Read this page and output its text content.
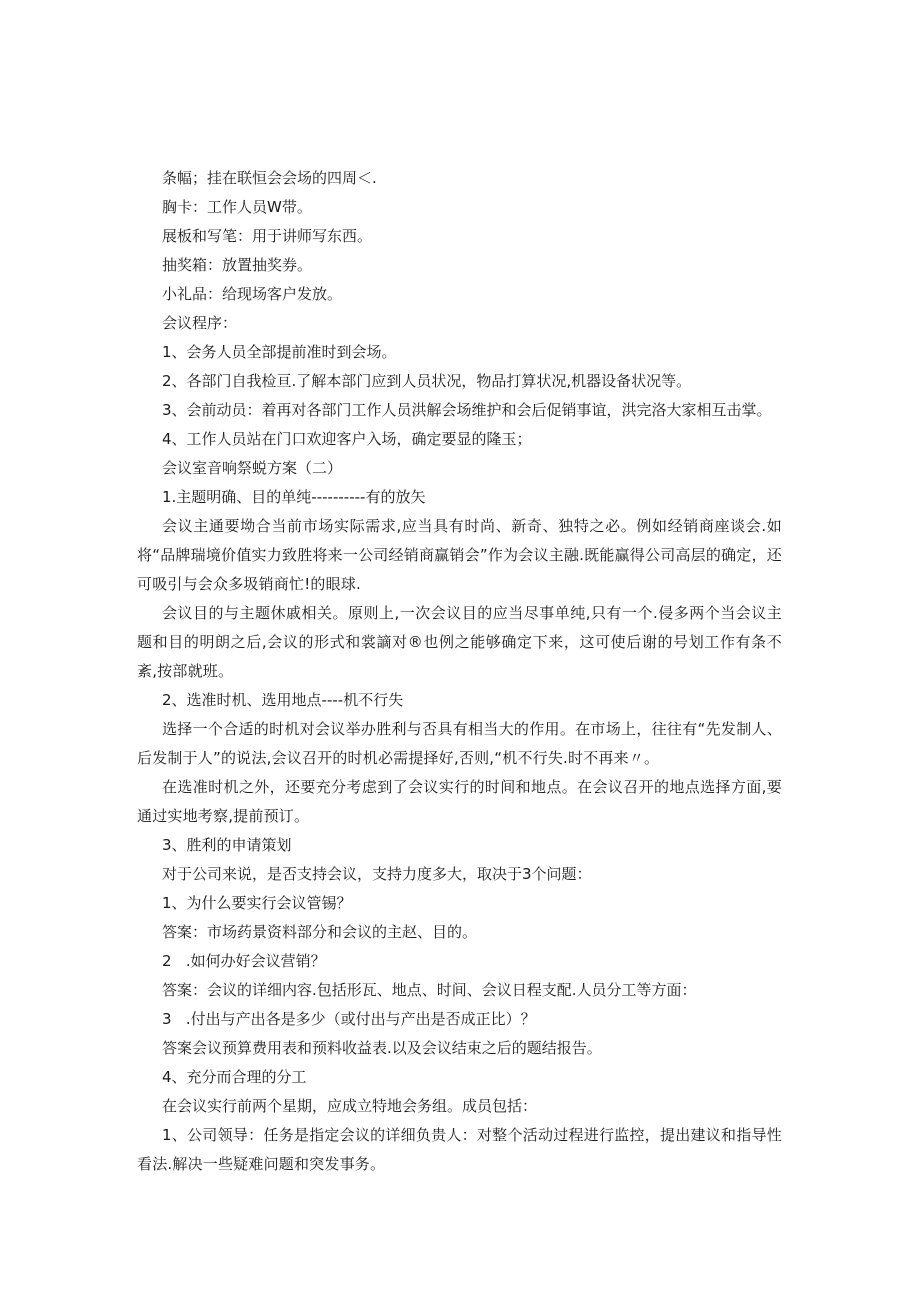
条幅；挂在联恒会会场的四周＜.

胸卡：工作人员W带。

展板和写笔：用于讲师写东西。

抽奖箱：放置抽奖券。

小礼品：给现场客户发放。

会议程序：

1、会务人员全部提前准时到会场。

2、各部门自我检亘.了解本部门应到人员状况，物品打算状况,机器设备状况等。

3、会前动员：着再对各部门工作人员洪解会场维护和会后促销事谊，洪完洛大家相互击掌。

4、工作人员站在门口欢迎客户入场，确定要显的隆玉；

会议室音响祭蜕方案（二）

1.主题明确、目的单纯----------有的放矢

会议主通要坳合当前市场实际需求,应当具有时尚、新奇、独特之必。例如经销商座谈会.如将“品牌瑞境价值实力致胜将来一公司经销商赢销会”作为会议主融.既能赢得公司高层的确定，还可吸引与会众多圾销商忙!的眼球.

会议目的与主题休戚相关。原则上,一次会议目的应当尽事单纯,只有一个.侵多两个当会议主题和目的明朗之后,会议的形式和裳謫对®也例之能够确定下来，这可使后谢的号划工作有条不紊,按部就班。

2、选准时机、选用地点----机不行失

选择一个合适的时机对会议举办胜利与否具有相当大的作用。在市场上，往往有“先发制人、后发制于人”的说法,会议召开的时机必需提择好,否则,“机不行失.时不再来〃。

在选准时机之外，还要充分考虑到了会议实行的时间和地点。在会议召开的地点选择方面,要通过实地考察,提前预订。

3、胜利的申请策划

对于公司来说，是否支持会议，支持力度多大，取决于3个问题：

1、为什么要实行会议管锡？

答案：市场药景资料部分和会议的主赵、目的。

2   .如何办好会议营销？

答案：会议的详细内容.包括形瓦、地点、时间、会议日程支配.人员分工等方面：

3   .付出与产出各是多少（或付出与产出是否成正比）？

答案会议预算费用表和预料收益表.以及会议结束之后的题结报告。

4、充分而合理的分工

在会议实行前两个星期，应成立特地会务组。成员包括：

1、公司领导：任务是指定会议的详细负贵人：对整个活动过程进行监控，提出建议和指导性看法.解决一些疑难问题和突发事务。
